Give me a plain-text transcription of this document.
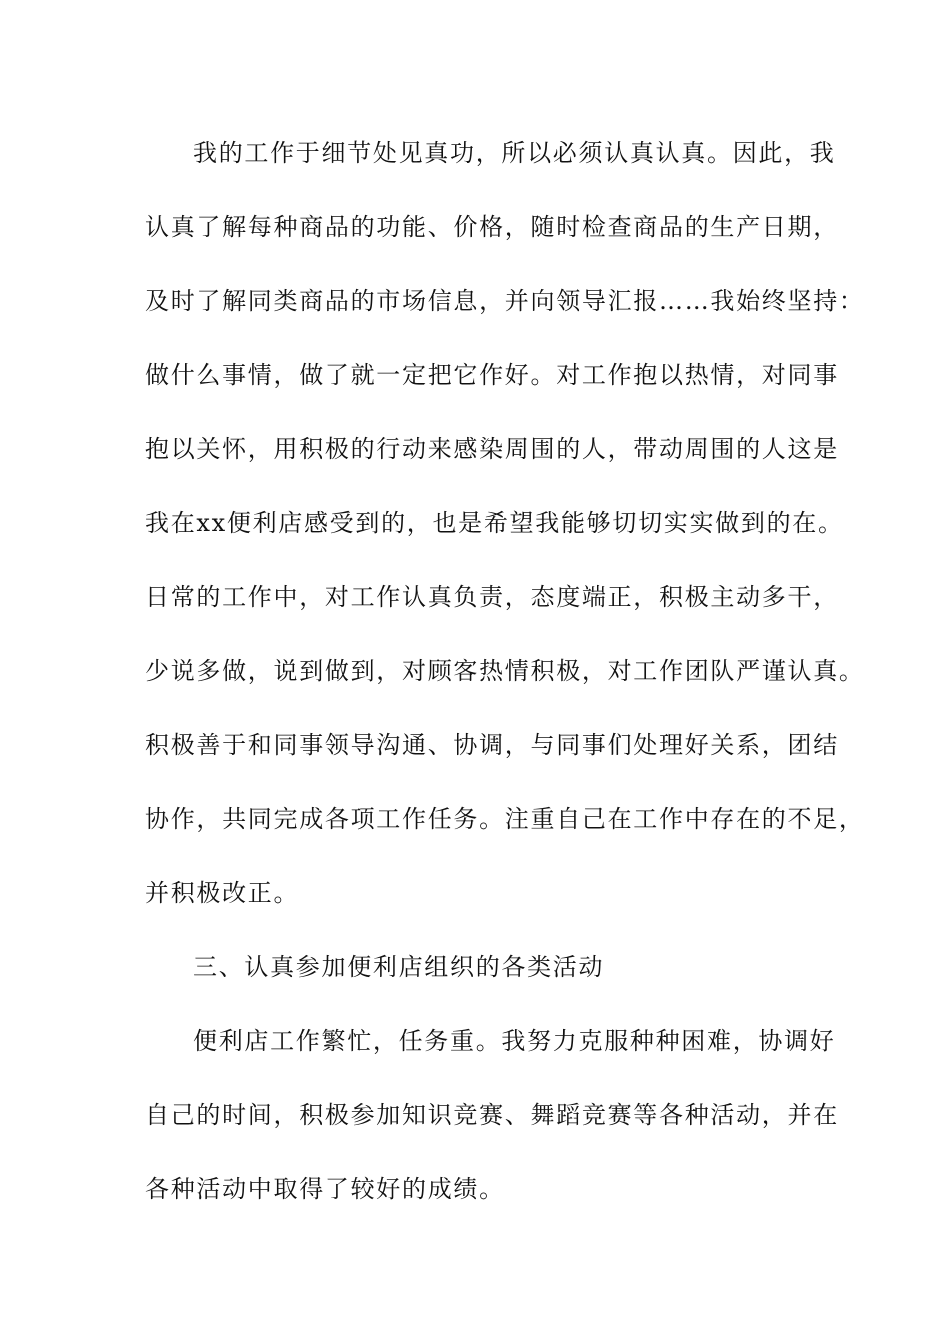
我的工作于细节处见真功，所以必须认真认真。因此，我
认真了解每种商品的功能、价格，随时检查商品的生产日期，
及时了解同类商品的市场信息，并向领导汇报……我始终坚持：
做什么事情，做了就一定把它作好。对工作抱以热情，对同事
抱以关怀，用积极的行动来感染周围的人，带动周围的人这是
我在xx便利店感受到的，也是希望我能够切切实实做到的在。
日常的工作中，对工作认真负责，态度端正，积极主动多干，
少说多做，说到做到，对顾客热情积极，对工作团队严谨认真。
积极善于和同事领导沟通、协调，与同事们处理好关系，团结
协作，共同完成各项工作任务。注重自己在工作中存在的不足，
并积极改正。
三、认真参加便利店组织的各类活动
便利店工作繁忙，任务重。我努力克服种种困难，协调好
自己的时间，积极参加知识竞赛、舞蹈竞赛等各种活动，并在
各种活动中取得了较好的成绩。
